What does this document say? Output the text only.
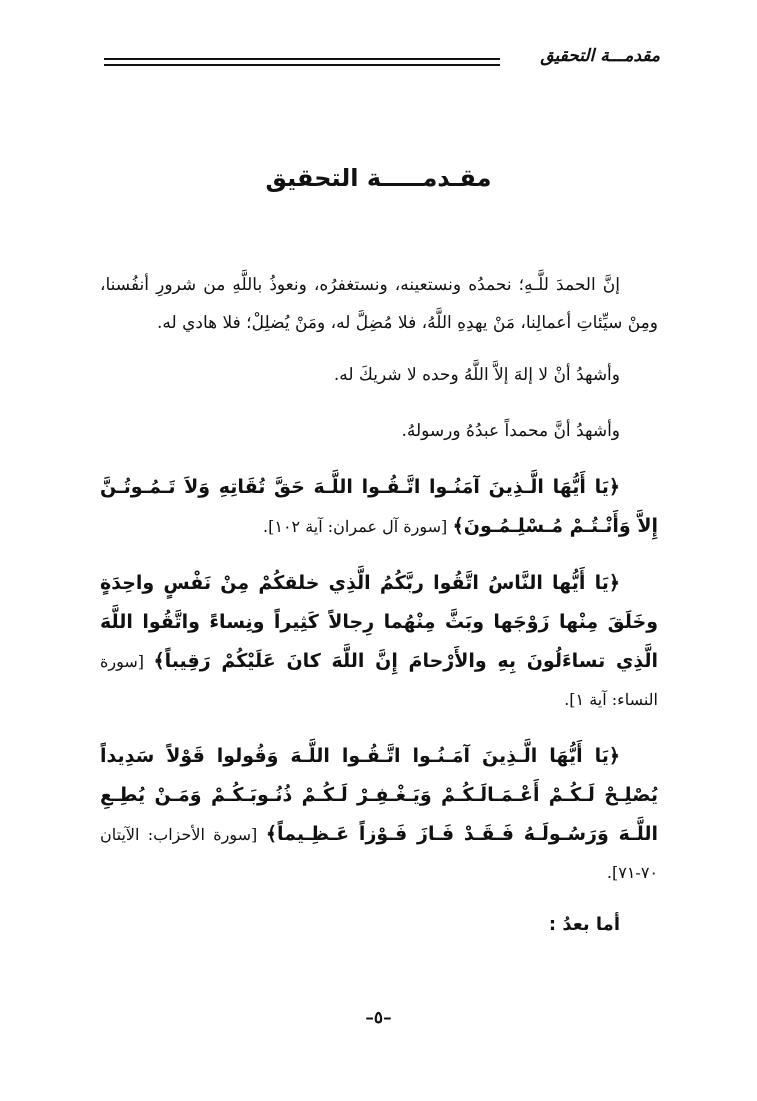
مقدمـــة التحقيق
مقـدمـــــة التحقيق

إنَّ الحمدَ للَّـهِ؛ نحمدُه ونستعينه، ونستغفرُه، ونعوذُ باللَّهِ من شرورِ أنفُسنا، ومِنْ سيِّئاتِ أعمالِنا، مَنْ يهدِهِ اللَّهُ، فلا مُضِلَّ له، ومَنْ يُضلِلْ؛ فلا هادي له.

وأشهدُ أنْ لا إلهَ إلاَّ اللَّهُ وحده لا شريكَ له.

وأشهدُ أنَّ محمداً عبدُهُ ورسولهُ.

﴿يَا أَيُّهَا الَّـذِينَ آمَنُـوا اتَّـقُـوا اللَّـهَ حَقَّ تُقَاتِهِ وَلاَ تَـمُـوتُـنَّ إِلاَّ وَأَنْـتُـمْ مُـسْلِـمُـونَ﴾ [سورة آل عمران: آية ١٠٢].

﴿يَا أَيُّها النَّاسُ اتَّقُوا ربَّكُمُ الَّذِي خلقكُمْ مِنْ نَفْسٍ واحِدَةٍ وخَلَقَ مِنْها زَوْجَها وبَثَّ مِنْهُما رِجالاً كَثِيراً ونِساءً واتَّقُوا اللَّهَ الَّذِي تساءَلُونَ بِهِ والأَرْحامَ إِنَّ اللَّهَ كانَ عَلَيْكُمْ رَقِيباً﴾ [سورة النساء: آية ١].

﴿يَا أَيُّهَا الَّـذِينَ آمَـنُـوا اتَّـقُـوا اللَّـهَ وَقُولوا قَوْلاً سَدِيداً يُصْلِـحْ لَـكُـمْ أَعْـمَـالَـكُـمْ وَيَـغْـفِـرْ لَـكُـمْ ذُنُـوبَـكُـمْ وَمَـنْ يُطِـعِ اللَّـهَ وَرَسُـولَـهُ فَـقَـدْ فَـازَ فَـوْزاً عَـظِـيماً﴾ [سورة الأحزاب: الآيتان ٧٠-٧١].

أما بعدُ :

–٥–
